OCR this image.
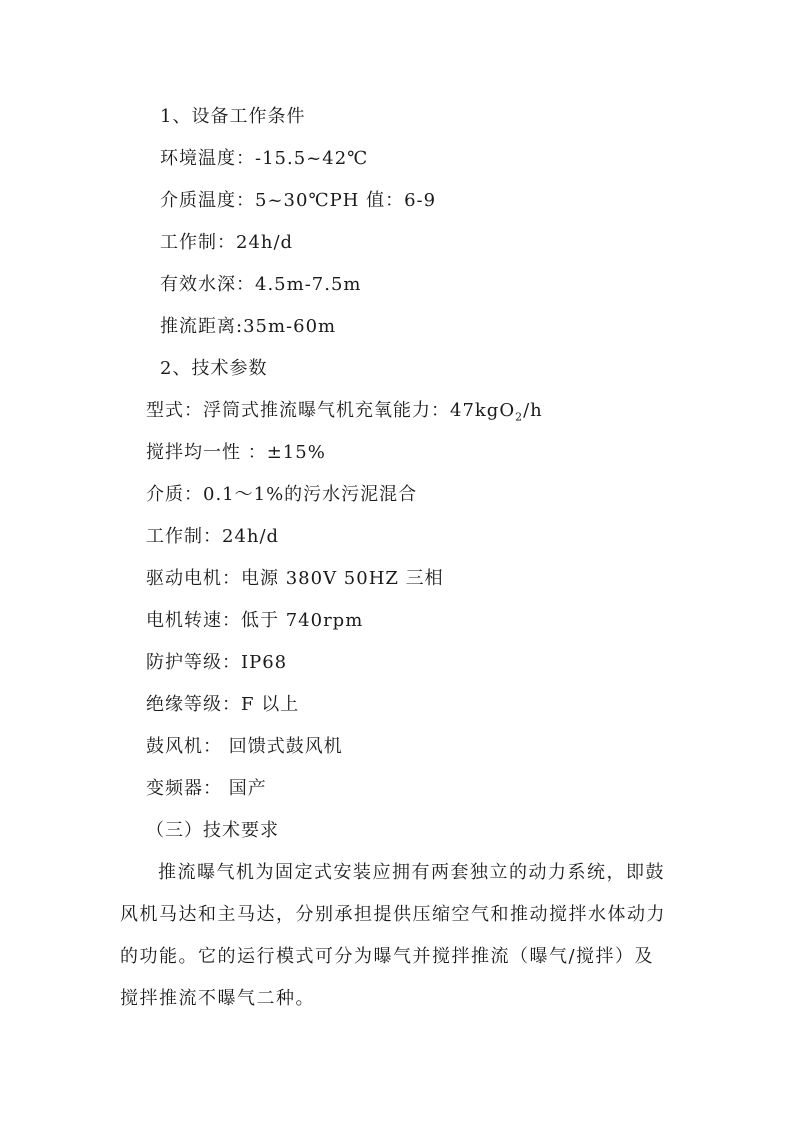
1、设备工作条件
环境温度：-15.5~42℃
介质温度：5~30℃PH 值：6-9
工作制：24h/d
有效水深：4.5m-7.5m
推流距离:35m-60m
2、技术参数
型式：浮筒式推流曝气机充氧能力：47kgO$_2$/h
搅拌均一性 ：±15%
介质：0.1～1%的污水污泥混合
工作制：24h/d
驱动电机：电源 380V 50HZ 三相
电机转速：低于 740rpm
防护等级：IP68
绝缘等级：F 以上
鼓风机： 回馈式鼓风机
变频器： 国产
（三）技术要求
推流曝气机为固定式安装应拥有两套独立的动力系统，即鼓
风机马达和主马达，分别承担提供压缩空气和推动搅拌水体动力
的功能。它的运行模式可分为曝气并搅拌推流（曝气/搅拌）及
搅拌推流不曝气二种。
